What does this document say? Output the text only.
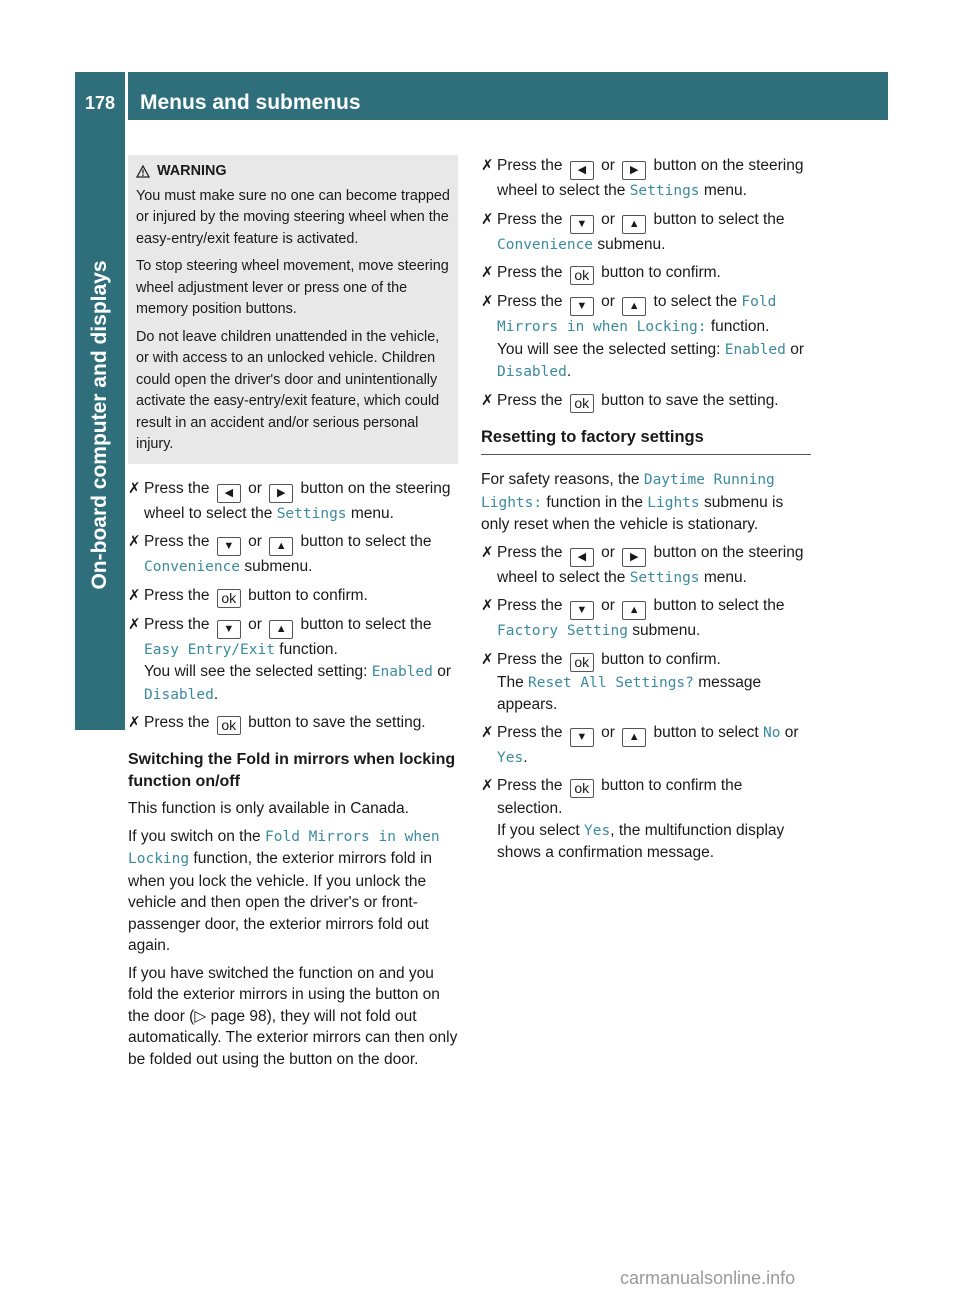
178	Menus and submenus
On-board computer and displays
WARNING

You must make sure no one can become trapped or injured by the moving steering wheel when the easy-entry/exit feature is activated.

To stop steering wheel movement, move steering wheel adjustment lever or press one of the memory position buttons.

Do not leave children unattended in the vehicle, or with access to an unlocked vehicle. Children could open the driver's door and unintentionally activate the easy-entry/exit feature, which could result in an accident and/or serious personal injury.

✗ Press the ◀ or ▶ button on the steering wheel to select the Settings menu.
✗ Press the ▼ or ▲ button to select the Convenience submenu.
✗ Press the ok button to confirm.
✗ Press the ▼ or ▲ button to select the Easy Entry/Exit function.
You will see the selected setting: Enabled or Disabled.
✗ Press the ok button to save the setting.
Switching the Fold in mirrors when locking function on/off
This function is only available in Canada.
If you switch on the Fold Mirrors in when Locking function, the exterior mirrors fold in when you lock the vehicle. If you unlock the vehicle and then open the driver's or front-passenger door, the exterior mirrors fold out again.
If you have switched the function on and you fold the exterior mirrors in using the button on the door (▷ page 98), they will not fold out automatically. The exterior mirrors can then only be folded out using the button on the door.
✗ Press the ◀ or ▶ button on the steering wheel to select the Settings menu.
✗ Press the ▼ or ▲ button to select the Convenience submenu.
✗ Press the ok button to confirm.
✗ Press the ▼ or ▲ to select the Fold Mirrors in when Locking: function.
You will see the selected setting: Enabled or Disabled.
✗ Press the ok button to save the setting.
Resetting to factory settings
For safety reasons, the Daytime Running Lights: function in the Lights submenu is only reset when the vehicle is stationary.
✗ Press the ◀ or ▶ button on the steering wheel to select the Settings menu.
✗ Press the ▼ or ▲ button to select the Factory Setting submenu.
✗ Press the ok button to confirm.
The Reset All Settings? message appears.
✗ Press the ▼ or ▲ button to select No or Yes.
✗ Press the ok button to confirm the selection.
If you select Yes, the multifunction display shows a confirmation message.
carmanualsonline.info
